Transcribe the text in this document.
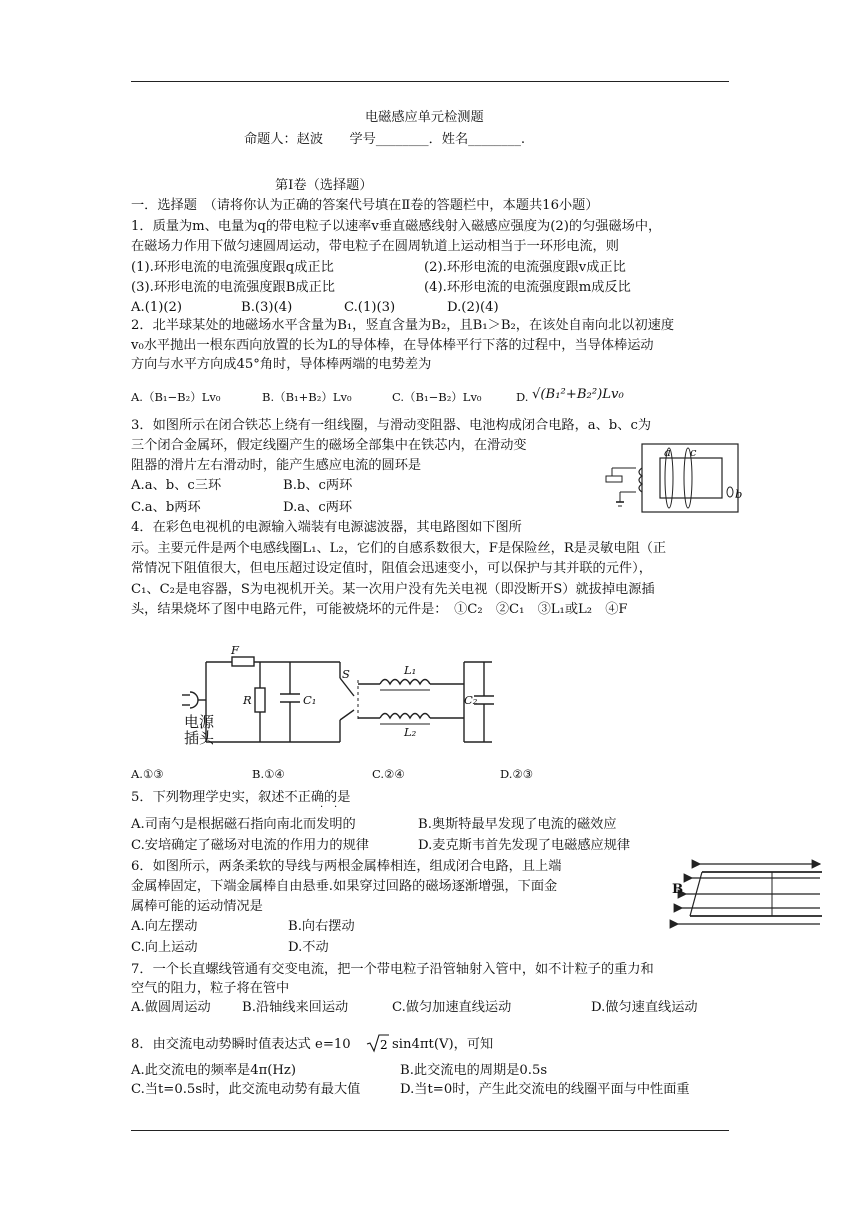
电磁感应单元检测题
命题人：赵波　　学号________．姓名________.
第Ⅰ卷（选择题）
一．选择题　（请将你认为正确的答案代号填在Ⅱ卷的答题栏中，本题共16小题）
1．质量为m、电量为q的带电粒子以速率v垂直磁感线射入磁感应强度为(2)的匀强磁场中，
在磁场力作用下做匀速圆周运动，带电粒子在圆周轨道上运动相当于一环形电流，则
(1).环形电流的电流强度跟q成正比	(2).环形电流的电流强度跟v成正比
(3).环形电流的电流强度跟B成正比	(4).环形电流的电流强度跟m成反比
A.(1)(2)	B.(3)(4)	C.(1)(3)	D.(2)(4)
2．北半球某处的地磁场水平含量为B₁，竖直含量为B₂，且B₁＞B₂，在该处自南向北以初速度
v₀水平抛出一根东西向放置的长为L的导体棒，在导体棒平行下落的过程中，当导体棒运动
方向与水平方向成45°角时，导体棒两端的电势差为
A.（B₁−B₂）Lv₀	B.（B₁+B₂）Lv₀	C.（B₁−B₂）Lv₀	D. √(B₁²+B₂²)Lv₀
3．如图所示在闭合铁芯上绕有一组线圈，与滑动变阻器、电池构成闭合电路，a、b、c为
三个闭合金属环，假定线圈产生的磁场全部集中在铁芯内，在滑动变
阻器的滑片左右滑动时，能产生感应电流的圆环是
A.a、b、c三环	B.b、c两环
C.a、b两环	D.a、c两环
a c
b
4．在彩色电视机的电源输入端装有电源滤波器，其电路图如下图所
示。主要元件是两个电感线圈L₁、L₂，它们的自感系数很大，F是保险丝，R是灵敏电阻（正
常情况下阻值很大，但电压超过设定值时，阻值会迅速变小，可以保护与其并联的元件），
C₁、C₂是电容器，S为电视机开关。某一次用户没有先关电视（即没断开S）就拔掉电源插
头，结果烧坏了图中电路元件，可能被烧坏的元件是：　①C₂　②C₁　③L₁或L₂　④F
F
R	C₁
S	L₁
L₂
C₂
电源
插头
A.①③	B.①④	C.②④	D.②③
5．下列物理学史实，叙述不正确的是
· ·
A.司南勺是根据磁石指向南北而发明的	B.奥斯特最早发现了电流的磁效应
C.安培确定了磁场对电流的作用力的规律	D.麦克斯韦首先发现了电磁感应规律
6．如图所示，两条柔软的导线与两根金属棒相连，组成闭合电路，且上端
金属棒固定，下端金属棒自由悬垂.如果穿过回路的磁场逐渐增强，下面金
属棒可能的运动情况是
A.向左摆动	B.向右摆动
C.向上运动	D.不动
B
7．一个长直螺线管通有交变电流，把一个带电粒子沿管轴射入管中，如不计粒子的重力和
空气的阻力，粒子将在管中
A.做圆周运动 B.沿轴线来回运动	C.做匀加速直线运动	D.做匀速直线运动
8．由交流电动势瞬时值表达式 e=10 2 sin4πt(V)，可知
A.此交流电的频率是4π(Hz)	B.此交流电的周期是0.5s
C.当t=0.5s时，此交流电动势有最大值	D.当t=0时，产生此交流电的线圈平面与中性面重
